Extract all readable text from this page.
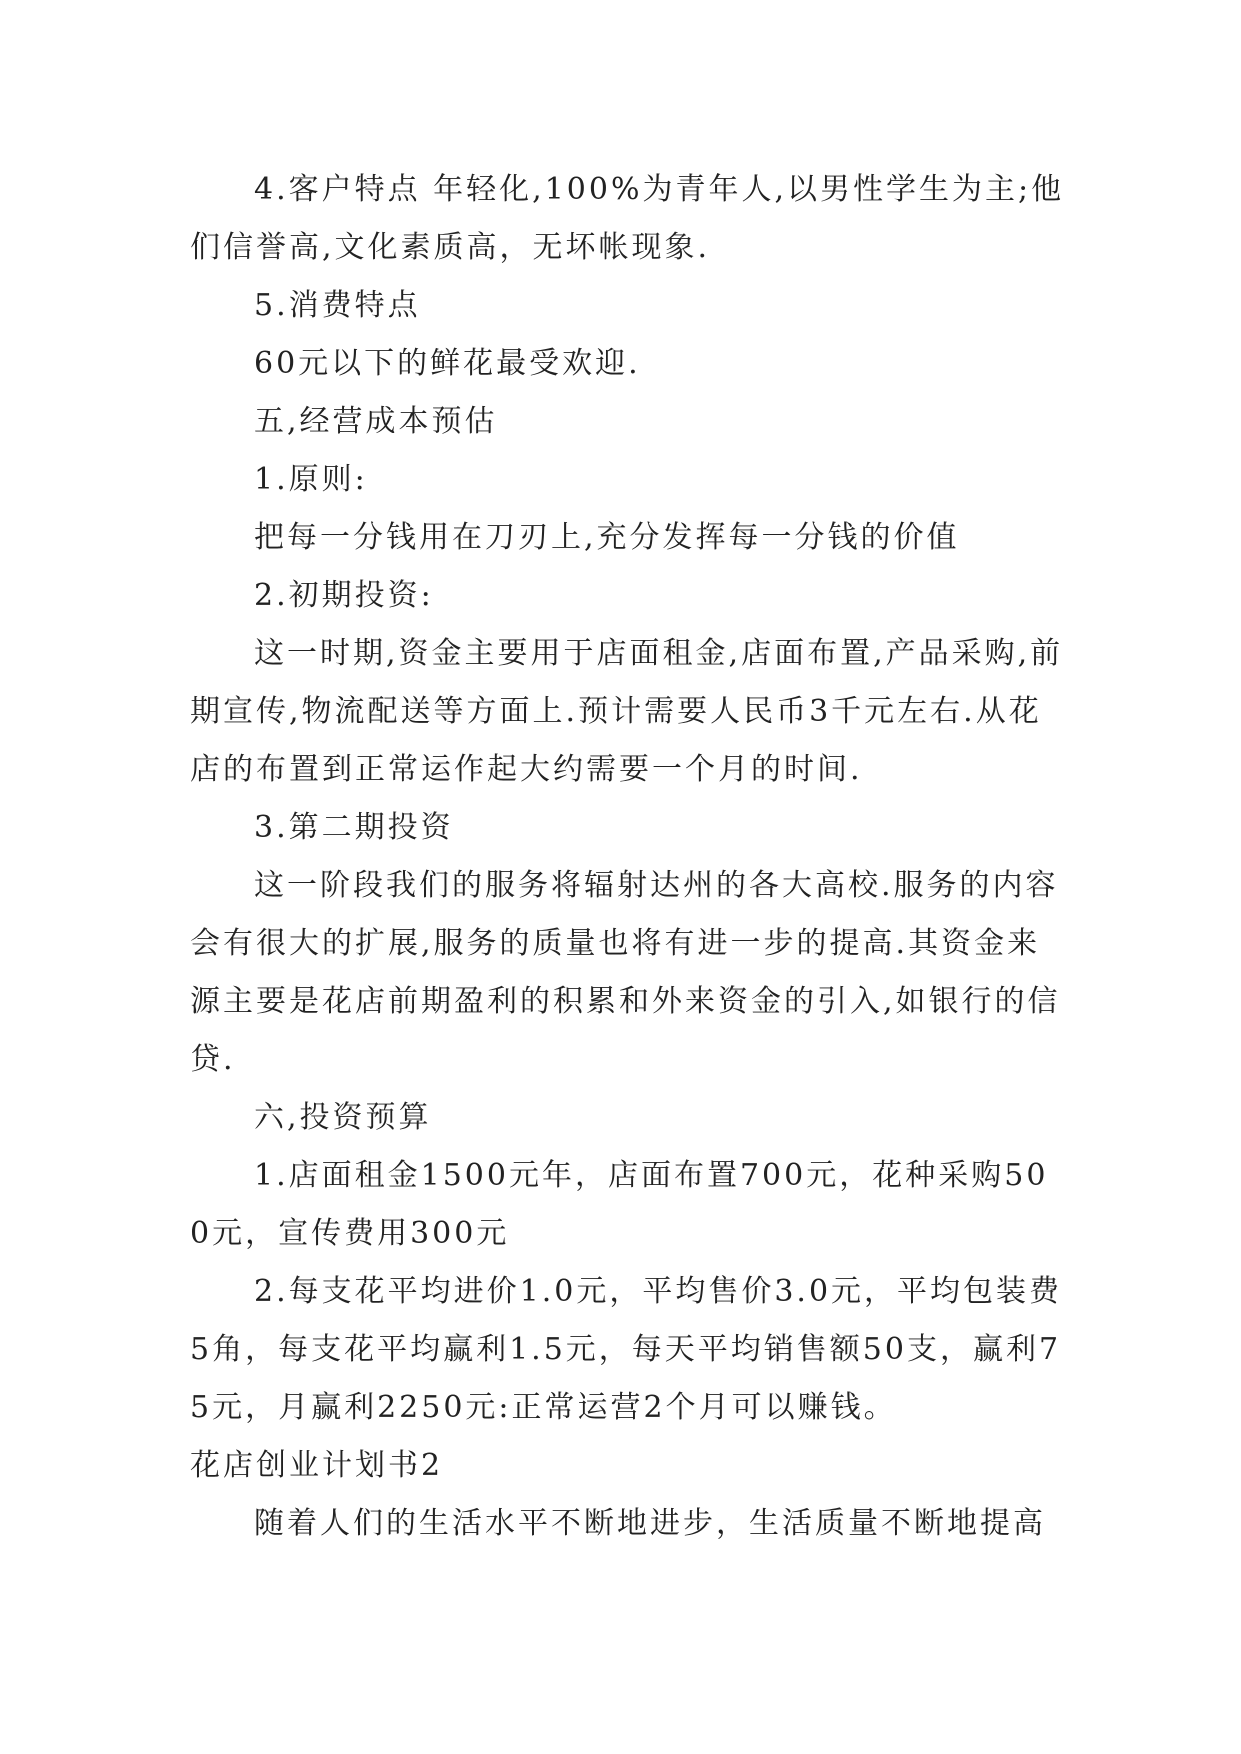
4.客户特点 年轻化,100%为青年人,以男性学生为主;他们信誉高,文化素质高，无坏帐现象.

5.消费特点

60元以下的鲜花最受欢迎.

五,经营成本预估

1.原则:

把每一分钱用在刀刃上,充分发挥每一分钱的价值

2.初期投资:

这一时期,资金主要用于店面租金,店面布置,产品采购,前期宣传,物流配送等方面上.预计需要人民币3千元左右.从花店的布置到正常运作起大约需要一个月的时间.

3.第二期投资

这一阶段我们的服务将辐射达州的各大高校.服务的内容会有很大的扩展,服务的质量也将有进一步的提高.其资金来源主要是花店前期盈利的积累和外来资金的引入,如银行的信贷.

六,投资预算

1.店面租金1500元年，店面布置700元，花种采购500元，宣传费用300元

2.每支花平均进价1.0元，平均售价3.0元，平均包装费5角，每支花平均赢利1.5元，每天平均销售额50支，赢利75元，月赢利2250元:正常运营2个月可以赚钱。

花店创业计划书2

随着人们的生活水平不断地进步，生活质量不断地提高
